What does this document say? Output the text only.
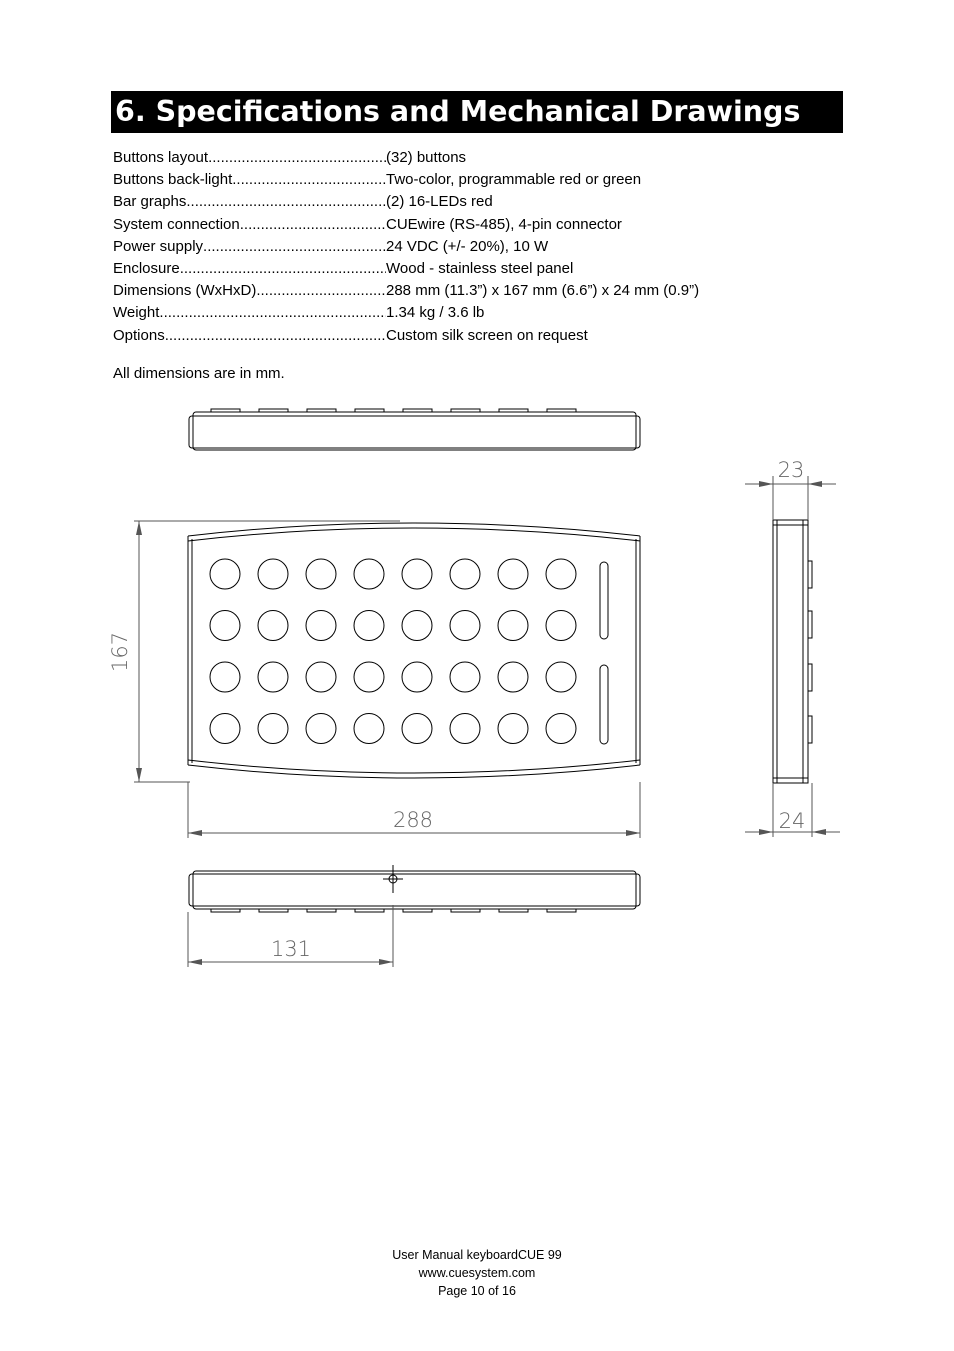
6. Specifications and Mechanical Drawings
Buttons layout .....	(32) buttons
Buttons back-light .....	Two-color, programmable red or green
Bar graphs .....	(2) 16-LEDs red
System connection .....	CUEwire (RS-485), 4-pin connector
Power supply .....	24 VDC (+/- 20%), 10 W
Enclosure .....	Wood - stainless steel panel
Dimensions (WxHxD) .....	288 mm (11.3”) x 167 mm (6.6”) x 24 mm (0.9”)
Weight .....	1.34 kg / 3.6 lb
Options .....	Custom silk screen on request
All dimensions are in mm.
167
288
23
24
131
User Manual keyboardCUE 99
www.cuesystem.com
Page 10 of 16
